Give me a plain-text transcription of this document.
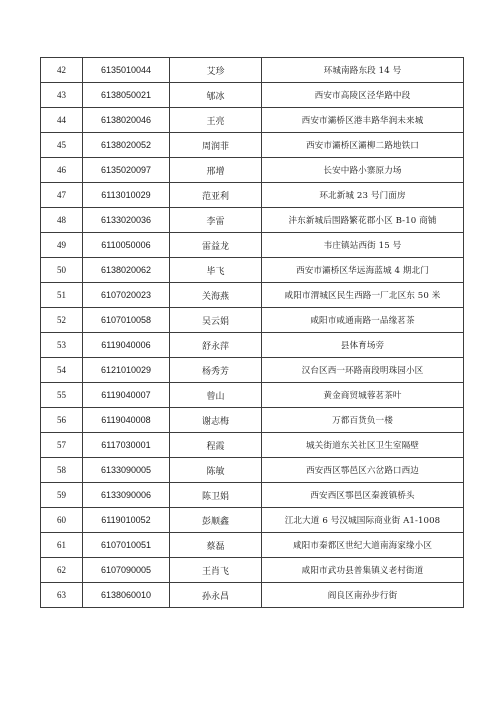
42	6135010044	艾珍	环城南路东段 14 号
43	6138050021	郇冰	西安市高陵区泾华路中段
44	6138020046	王亮	西安市灞桥区港丰路华润未来城
45	6138020052	周润菲	西安市灞桥区灞柳二路地铁口
46	6135020097	邢增	长安中路小寨原力场
47	6113010029	范亚利	环北新城 23 号门面房
48	6133020036	李雷	沣东新城后围路繁花郡小区 B-10 商铺
49	6110050006	雷益龙	韦庄镇站西街 15 号
50	6138020062	毕飞	西安市灞桥区华远海蓝城 4 期北门
51	6107020023	关海燕	咸阳市渭城区民生西路一厂北区东 50 米
52	6107010058	吴云娟	咸阳市咸通南路一品缘茗茶
53	6119040006	舒永萍	县体育场旁
54	6121010029	杨秀芳	汉台区西一环路南段明珠园小区
55	6119040007	曾山	黄金商贸城蓉茗茶叶
56	6119040008	谢志梅	万都百货负一楼
57	6117030001	程霞	城关街道东关社区卫生室隔壁
58	6133090005	陈敏	西安西区鄠邑区六岔路口西边
59	6133090006	陈卫娟	西安西区鄠邑区秦渡镇桥头
60	6119010052	彭顺鑫	江北大道 6 号汉城国际商业街 A1-1008
61	6107010051	蔡磊	咸阳市秦都区世纪大道南海家缘小区
62	6107090005	王肖飞	咸阳市武功县普集镇义老村街道
63	6138060010	孙永昌	阎良区南孙步行街
